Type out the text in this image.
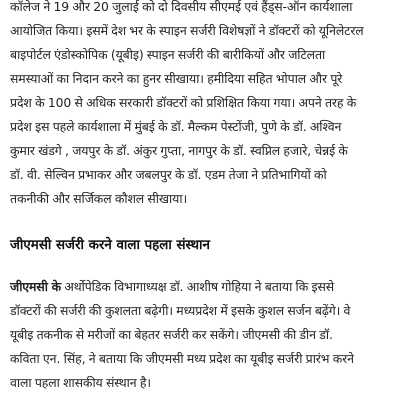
कॉलेज ने 19 और 20 जुलाई को दो दिवसीय सीएमई एवं हैंड्स-ऑन कार्यशाला
आयोजित किया। इसमें देश भर के स्पाइन सर्जरी विशेषज्ञों ने डॉक्टरों को यूनिलेटरल
बाइपोर्टल एंडोस्कोपिक (यूबीइ) स्पाइन सर्जरी की बारीकियों और जटिलता
समस्याओं का निदान करने का हुनर सीखाया। हमीदिया सहित भोपाल और पूरे
प्रदेश के 100 से अधिक सरकारी डॉक्टरों को प्रशिक्षित किया गया। अपने तरह के
प्रदेश इस पहले कार्यशाला में मुंबई के डॉ. मैल्कम पेस्टोंजी, पुणे के डॉ. अश्विन
कुमार खंडगे , जयपुर के डॉ. अंकुर गुप्ता, नागपुर के डॉ. स्वप्निल हजारे, चेन्नई के
डॉ. वी. सेल्विन प्रभाकर और जबलपुर के डॉ. एडम तेजा ने प्रतिभागियों को
तकनीकी और सर्जिकल कौशल सीखाया।

जीएमसी सर्जरी करने वाला पहला संस्थान

जीएमसी के अर्थोपेडिक विभागाध्यक्ष डॉ. आशीष गोहिया ने बताया कि इससे
डॉक्टरों की सर्जरी की कुशलता बढ़ेगी। मध्यप्रदेश में इसके कुशल सर्जन बढ़ेंगे। वे
यूबीइ तकनीक से मरीजों का बेहतर सर्जरी कर सकेंगे। जीएमसी की डीन डॉ.
कविता एन. सिंह, ने बताया कि जीएमसी मध्य प्रदेश का यूबीइ सर्जरी प्रारंभ करने
वाला पहला शासकीय संस्थान है।
